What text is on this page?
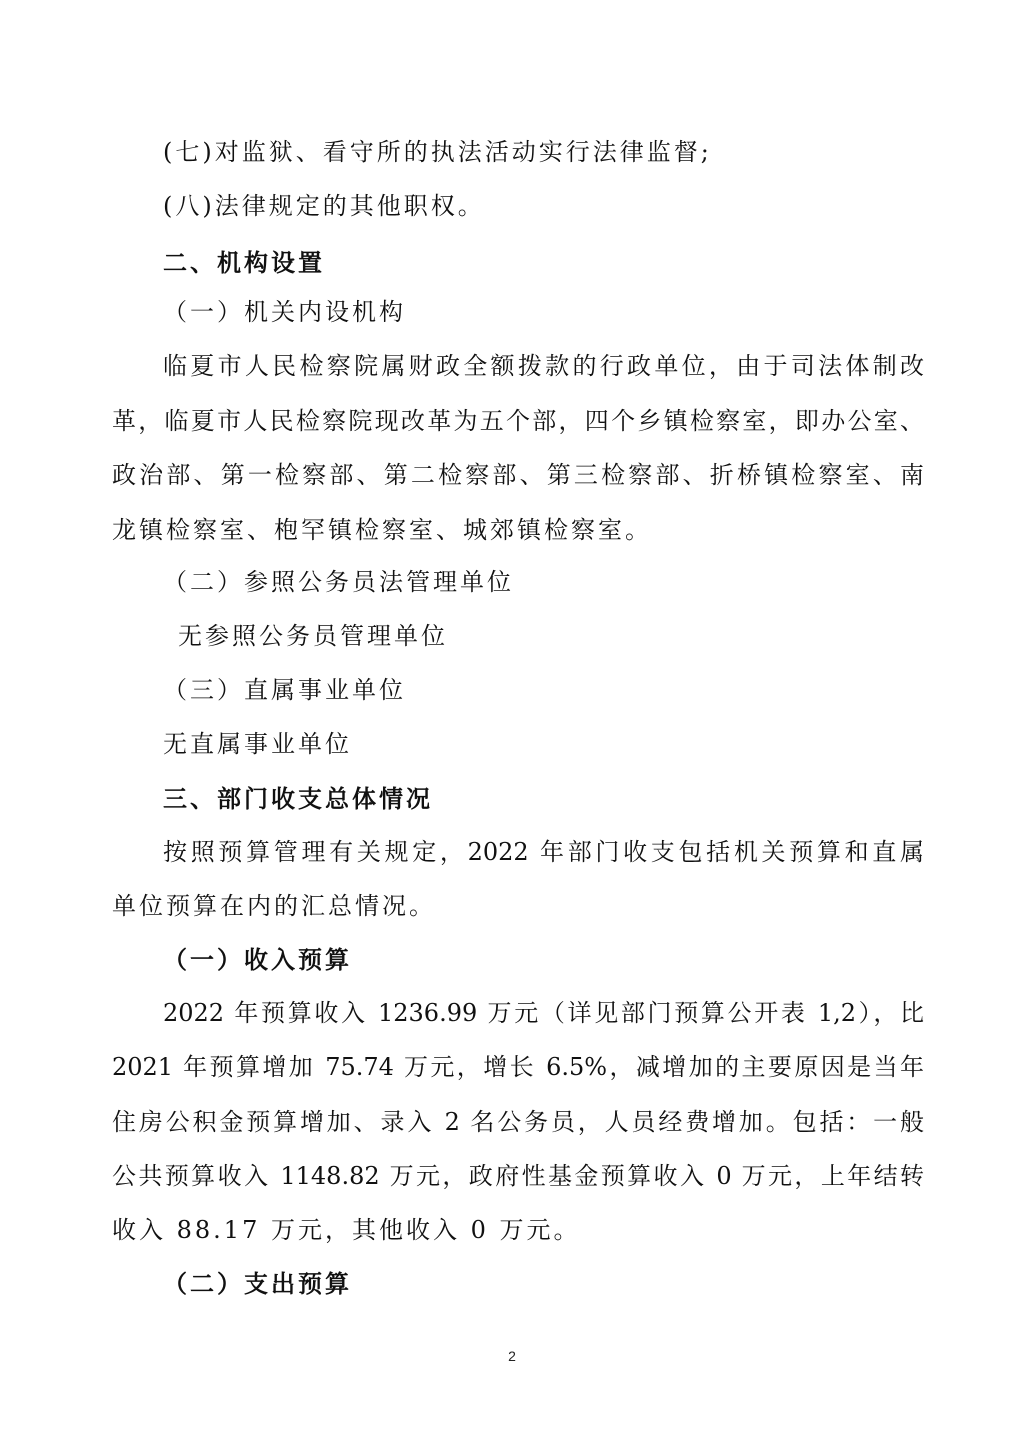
(七)对监狱、看守所的执法活动实行法律监督;
(八)法律规定的其他职权。
二、机构设置
（一）机关内设机构
临夏市人民检察院属财政全额拨款的行政单位，由于司法体制改
革，临夏市人民检察院现改革为五个部，四个乡镇检察室，即办公室、
政治部、第一检察部、第二检察部、第三检察部、折桥镇检察室、南
龙镇检察室、枹罕镇检察室、城郊镇检察室。
（二）参照公务员法管理单位
无参照公务员管理单位
（三）直属事业单位
无直属事业单位
三、部门收支总体情况
按照预算管理有关规定，2022 年部门收支包括机关预算和直属
单位预算在内的汇总情况。
（一）收入预算
2022 年预算收入 1236.99 万元（详见部门预算公开表 1,2），比
2021 年预算增加 75.74 万元，增长 6.5%，减增加的主要原因是当年
住房公积金预算增加、录入 2 名公务员，人员经费增加。包括：一般
公共预算收入 1148.82 万元，政府性基金预算收入 0 万元，上年结转
收入 88.17 万元，其他收入 0 万元。
（二）支出预算
2
